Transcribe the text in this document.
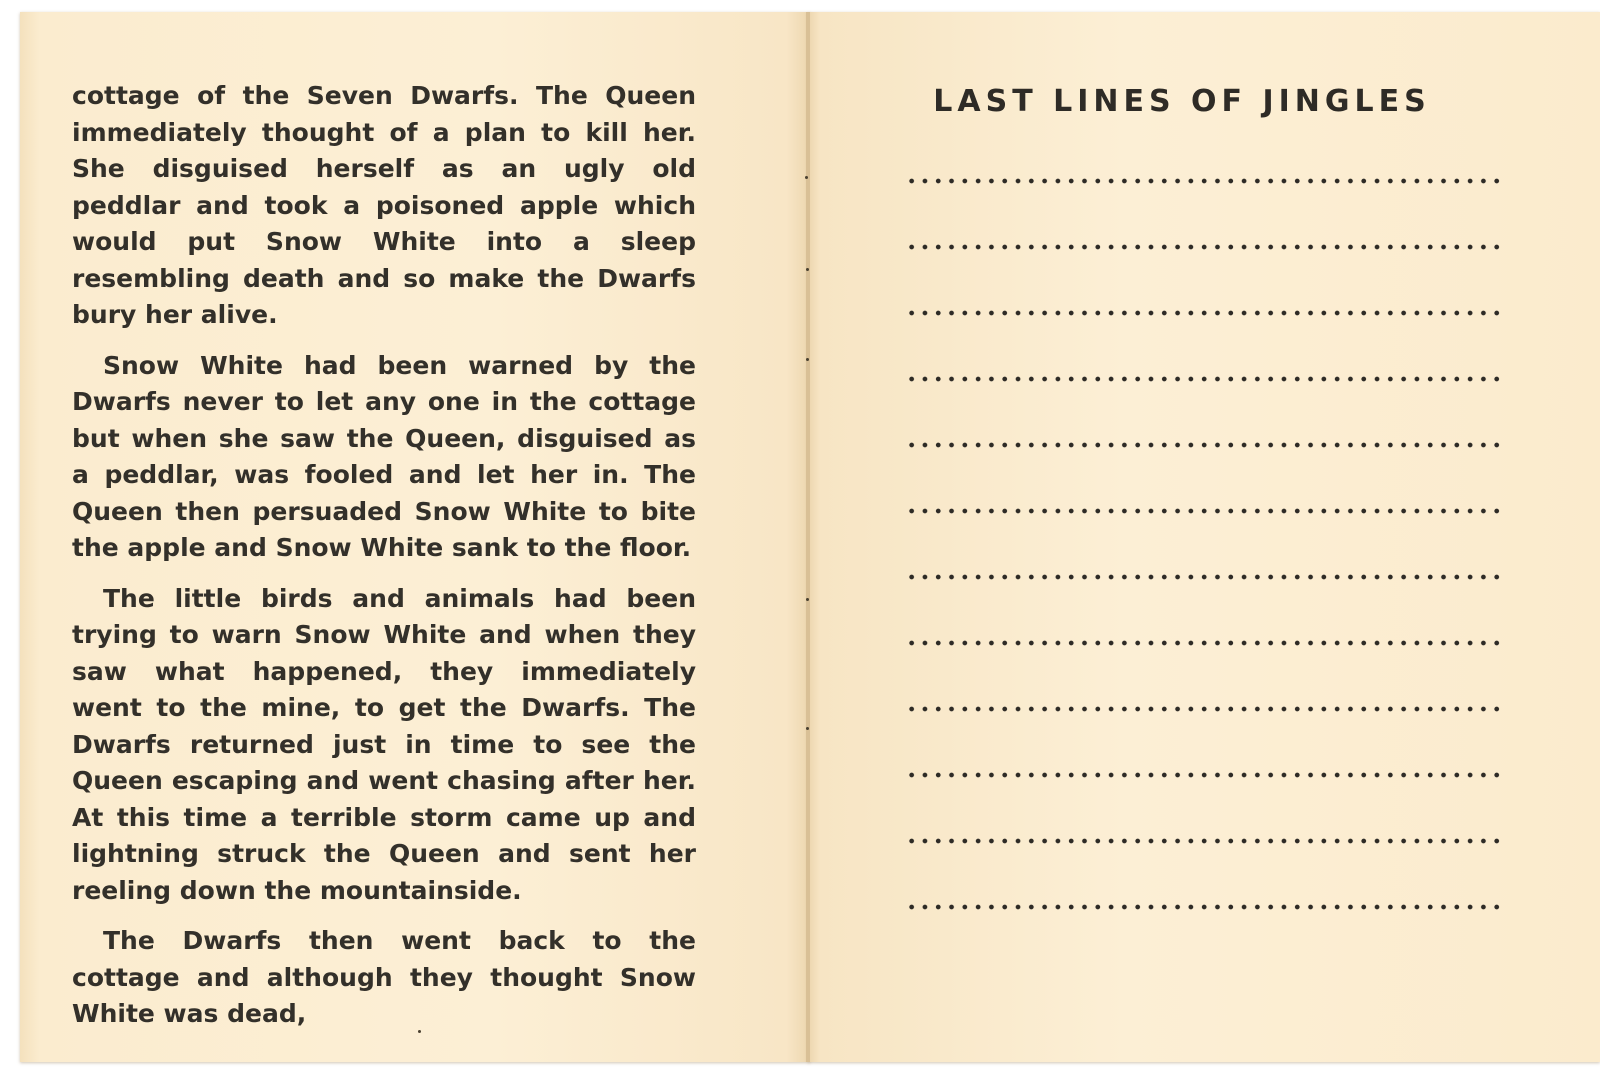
cottage of the Seven Dwarfs. The Queen immediately thought of a plan to kill her. She disguised herself as an ugly old peddlar and took a poisoned apple which would put Snow White into a sleep resembling death and so make the Dwarfs bury her alive.

Snow White had been warned by the Dwarfs never to let any one in the cottage but when she saw the Queen, disguised as a peddlar, was fooled and let her in. The Queen then persuaded Snow White to bite the apple and Snow White sank to the floor.

The little birds and animals had been trying to warn Snow White and when they saw what happened, they immediately went to the mine, to get the Dwarfs. The Dwarfs returned just in time to see the Queen escaping and went chasing after her. At this time a terrible storm came up and lightning struck the Queen and sent her reeling down the mountainside.

The Dwarfs then went back to the cottage and although they thought Snow White was dead,

LAST LINES OF JINGLES
